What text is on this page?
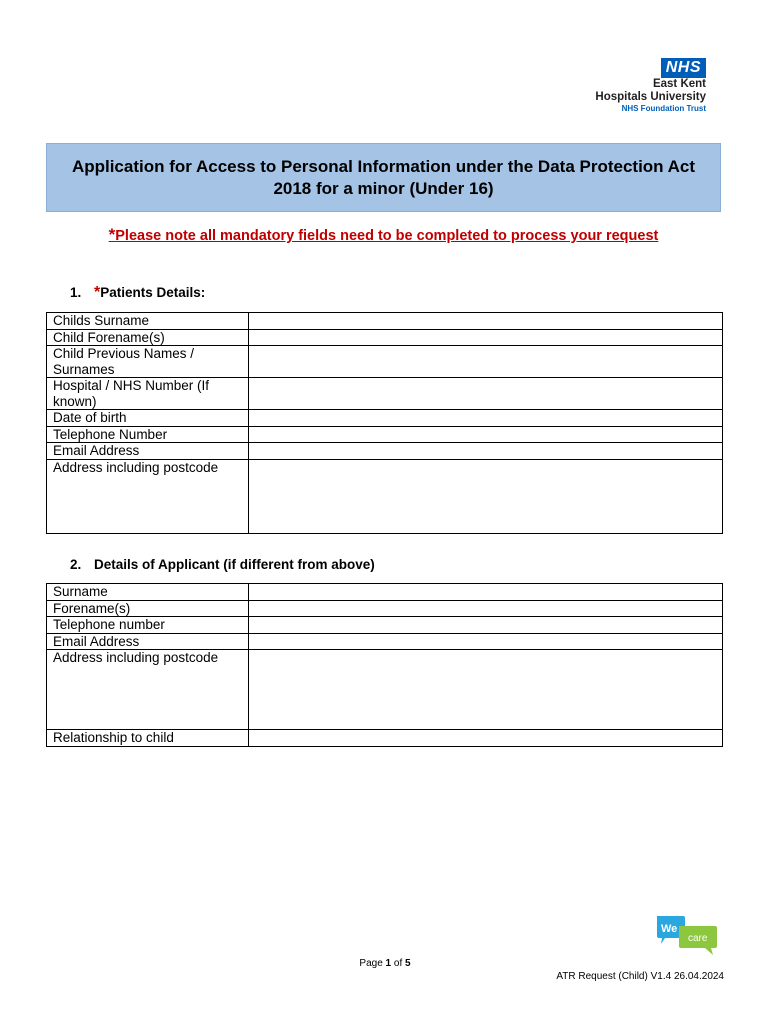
NHS
East Kent
Hospitals University
NHS Foundation Trust
Application for Access to Personal Information under the Data Protection Act 2018 for a minor (Under 16)
*Please note all mandatory fields need to be completed to process your request
1. *Patients Details:
Childs Surname	
Child Forename(s)	
Child Previous Names / Surnames	
Hospital / NHS Number (If known)	
Date of birth	
Telephone Number	
Email Address	
Address including postcode	
2. Details of Applicant (if different from above)
Surname	
Forename(s)	
Telephone number	
Email Address	
Address including postcode	
Relationship to child	
We
care
Page 1 of 5
ATR Request (Child) V1.4 26.04.2024
